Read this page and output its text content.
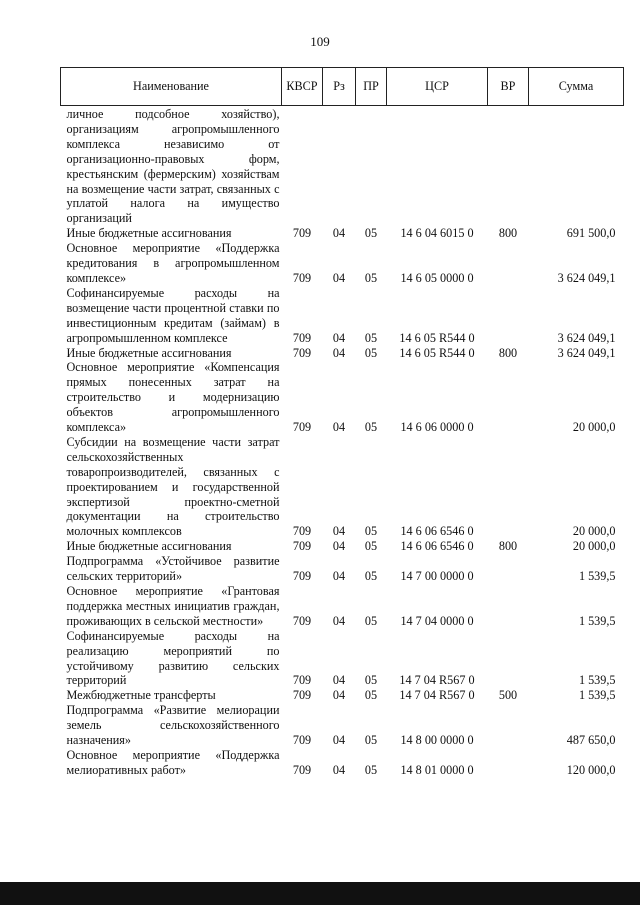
109
Наименование	КВСР	Рз	ПР	ЦСР	ВР	Сумма
личное подсобное хозяйство), организациям агропромышленного комплекса независимо от организационно-правовых форм, крестьянским (фермерским) хозяйствам на возмещение части затрат, связанных с уплатой налога на имущество организаций						
Иные бюджетные ассигнования	709	04	05	14 6 04 6015 0	800	691 500,0
Основное мероприятие «Поддержка кредитования в агропромышленном комплексе»	709	04	05	14 6 05 0000 0		3 624 049,1
Софинансируемые расходы на возмещение части процентной ставки по инвестиционным кредитам (займам) в агропромышленном комплексе	709	04	05	14 6 05 R544 0		3 624 049,1
Иные бюджетные ассигнования	709	04	05	14 6 05 R544 0	800	3 624 049,1
Основное мероприятие «Компенсация прямых понесенных затрат на строительство и модернизацию объектов агропромышленного комплекса»	709	04	05	14 6 06 0000 0		20 000,0
Субсидии на возмещение части затрат сельскохозяйственных товаропроизводителей, связанных с проектированием и государственной экспертизой проектно-сметной документации на строительство молочных комплексов	709	04	05	14 6 06 6546 0		20 000,0
Иные бюджетные ассигнования	709	04	05	14 6 06 6546 0	800	20 000,0
Подпрограмма «Устойчивое развитие сельских территорий»	709	04	05	14 7 00 0000 0		1 539,5
Основное мероприятие «Грантовая поддержка местных инициатив граждан, проживающих в сельской местности»	709	04	05	14 7 04 0000 0		1 539,5
Софинансируемые расходы на реализацию мероприятий по устойчивому развитию сельских территорий	709	04	05	14 7 04 R567 0		1 539,5
Межбюджетные трансферты	709	04	05	14 7 04 R567 0	500	1 539,5
Подпрограмма «Развитие мелиорации земель сельскохозяйственного назначения»	709	04	05	14 8 00 0000 0		487 650,0
Основное мероприятие «Поддержка мелиоративных работ»	709	04	05	14 8 01 0000 0		120 000,0
